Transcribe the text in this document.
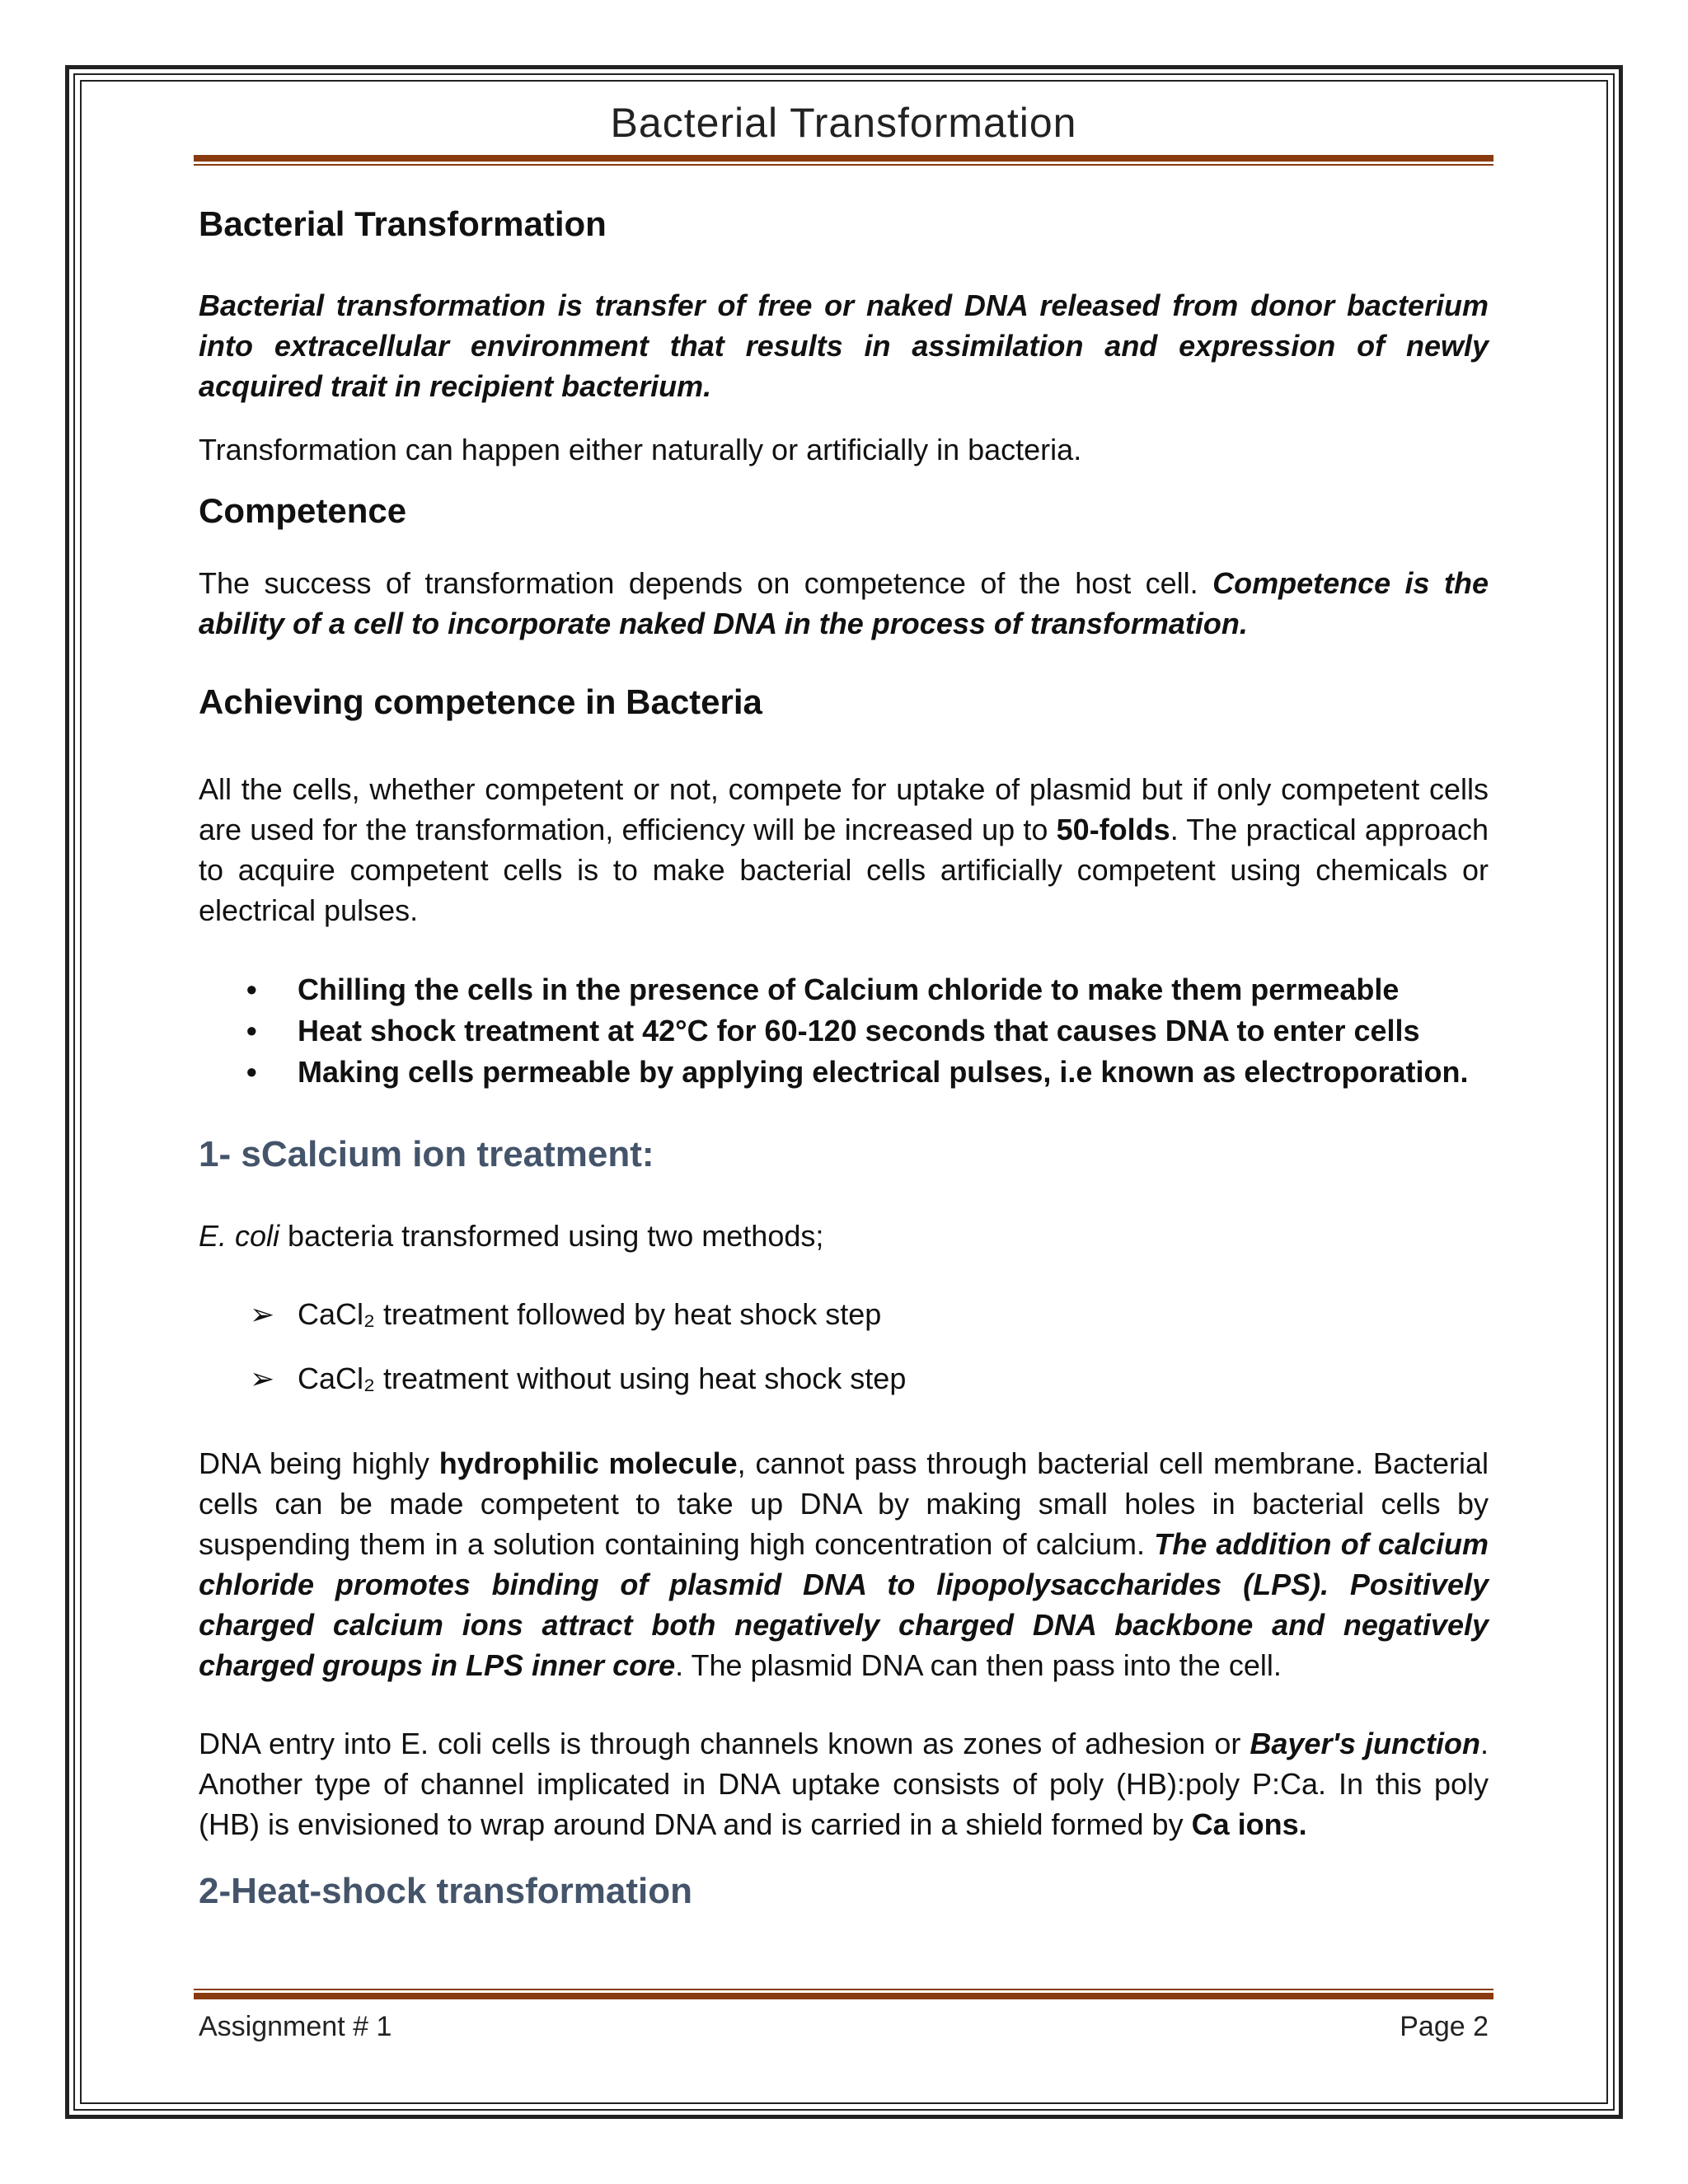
Bacterial Transformation
Bacterial Transformation

Bacterial transformation is transfer of free or naked DNA released from donor bacterium into extracellular environment that results in assimilation and expression of newly acquired trait in recipient bacterium.

Transformation can happen either naturally or artificially in bacteria.

Competence

The success of transformation depends on competence of the host cell. Competence is the ability of a cell to incorporate naked DNA in the process of transformation.

Achieving competence in Bacteria

All the cells, whether competent or not, compete for uptake of plasmid but if only competent cells are used for the transformation, efficiency will be increased up to 50-folds. The practical approach to acquire competent cells is to make bacterial cells artificially competent using chemicals or electrical pulses.

• Chilling the cells in the presence of Calcium chloride to make them permeable
• Heat shock treatment at 42°C for 60-120 seconds that causes DNA to enter cells
• Making cells permeable by applying electrical pulses, i.e known as electroporation.
1- sCalcium ion treatment:

E. coli bacteria transformed using two methods;

➢ CaCl₂ treatment followed by heat shock step
➢ CaCl₂ treatment without using heat shock step

DNA being highly hydrophilic molecule, cannot pass through bacterial cell membrane. Bacterial cells can be made competent to take up DNA by making small holes in bacterial cells by suspending them in a solution containing high concentration of calcium. The addition of calcium chloride promotes binding of plasmid DNA to lipopolysaccharides (LPS). Positively charged calcium ions attract both negatively charged DNA backbone and negatively charged groups in LPS inner core. The plasmid DNA can then pass into the cell.

DNA entry into E. coli cells is through channels known as zones of adhesion or Bayer's junction. Another type of channel implicated in DNA uptake consists of poly (HB):poly P:Ca. In this poly (HB) is envisioned to wrap around DNA and is carried in a shield formed by Ca ions.

2-Heat-shock transformation
Assignment # 1	Page 2
